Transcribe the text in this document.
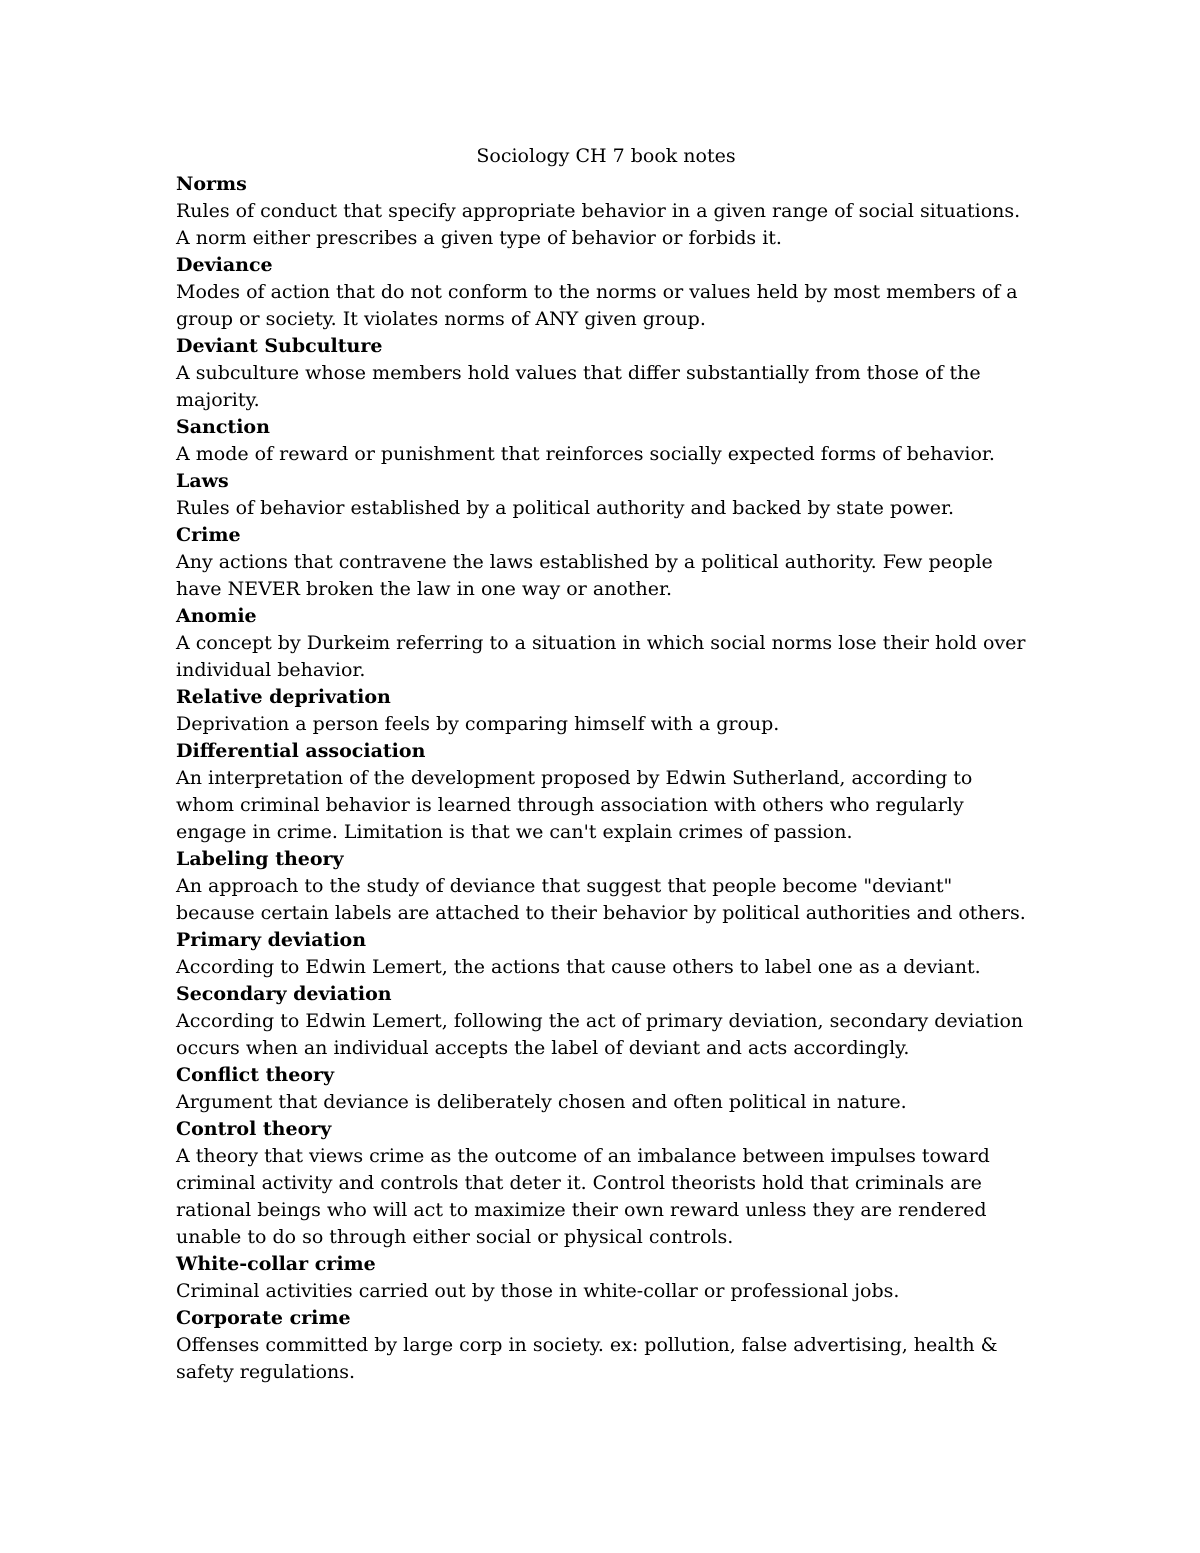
Sociology CH 7 book notes

Norms

Rules of conduct that specify appropriate behavior in a given range of social situations. A norm either prescribes a given type of behavior or forbids it.

Deviance

Modes of action that do not conform to the norms or values held by most members of a group or society. It violates norms of ANY given group.

Deviant Subculture

A subculture whose members hold values that differ substantially from those of the majority.

Sanction

A mode of reward or punishment that reinforces socially expected forms of behavior.

Laws

Rules of behavior established by a political authority and backed by state power.

Crime

Any actions that contravene the laws established by a political authority. Few people have NEVER broken the law in one way or another.

Anomie

A concept by Durkeim referring to a situation in which social norms lose their hold over individual behavior.

Relative deprivation

Deprivation a person feels by comparing himself with a group.

Differential association

An interpretation of the development proposed by Edwin Sutherland, according to whom criminal behavior is learned through association with others who regularly engage in crime. Limitation is that we can't explain crimes of passion.

Labeling theory

An approach to the study of deviance that suggest that people become "deviant" because certain labels are attached to their behavior by political authorities and others.

Primary deviation

According to Edwin Lemert, the actions that cause others to label one as a deviant.

Secondary deviation

According to Edwin Lemert, following the act of primary deviation, secondary deviation occurs when an individual accepts the label of deviant and acts accordingly.

Conflict theory

Argument that deviance is deliberately chosen and often political in nature.

Control theory

A theory that views crime as the outcome of an imbalance between impulses toward criminal activity and controls that deter it. Control theorists hold that criminals are rational beings who will act to maximize their own reward unless they are rendered unable to do so through either social or physical controls.

White-collar crime

Criminal activities carried out by those in white-collar or professional jobs.

Corporate crime

Offenses committed by large corp in society. ex: pollution, false advertising, health & safety regulations.
